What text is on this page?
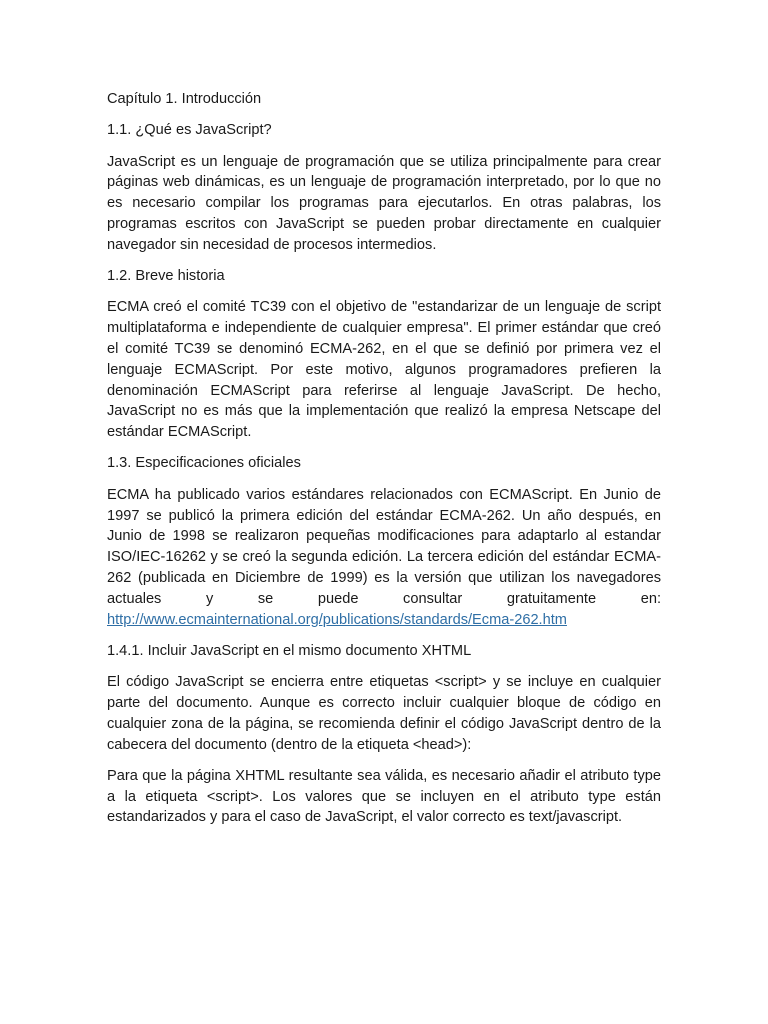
Capítulo 1. Introducción

1.1. ¿Qué es JavaScript?

JavaScript es un lenguaje de programación que se utiliza principalmente para crear páginas web dinámicas, es un lenguaje de programación interpretado, por lo que no es necesario compilar los programas para ejecutarlos. En otras palabras, los programas escritos con JavaScript se pueden probar directamente en cualquier navegador sin necesidad de procesos intermedios.

1.2. Breve historia

ECMA creó el comité TC39 con el objetivo de "estandarizar de un lenguaje de script multiplataforma e independiente de cualquier empresa". El primer estándar que creó el comité TC39 se denominó ECMA-262, en el que se definió por primera vez el lenguaje ECMAScript. Por este motivo, algunos programadores prefieren la denominación ECMAScript para referirse al lenguaje JavaScript. De hecho, JavaScript no es más que la implementación que realizó la empresa Netscape del estándar ECMAScript.

1.3. Especificaciones oficiales

ECMA ha publicado varios estándares relacionados con ECMAScript. En Junio de 1997 se publicó la primera edición del estándar ECMA-262. Un año después, en Junio de 1998 se realizaron pequeñas modificaciones para adaptarlo al estandar ISO/IEC-16262 y se creó la segunda edición. La tercera edición del estándar ECMA-262 (publicada en Diciembre de 1999) es la versión que utilizan los navegadores actuales y se puede consultar gratuitamente en:
http://www.ecmainternational.org/publications/standards/Ecma-262.htm

1.4.1. Incluir JavaScript en el mismo documento XHTML

El código JavaScript se encierra entre etiquetas <script> y se incluye en cualquier parte del documento. Aunque es correcto incluir cualquier bloque de código en cualquier zona de la página, se recomienda definir el código JavaScript dentro de la cabecera del documento (dentro de la etiqueta <head>):

Para que la página XHTML resultante sea válida, es necesario añadir el atributo type a la etiqueta <script>. Los valores que se incluyen en el atributo type están estandarizados y para el caso de JavaScript, el valor correcto es text/javascript.
